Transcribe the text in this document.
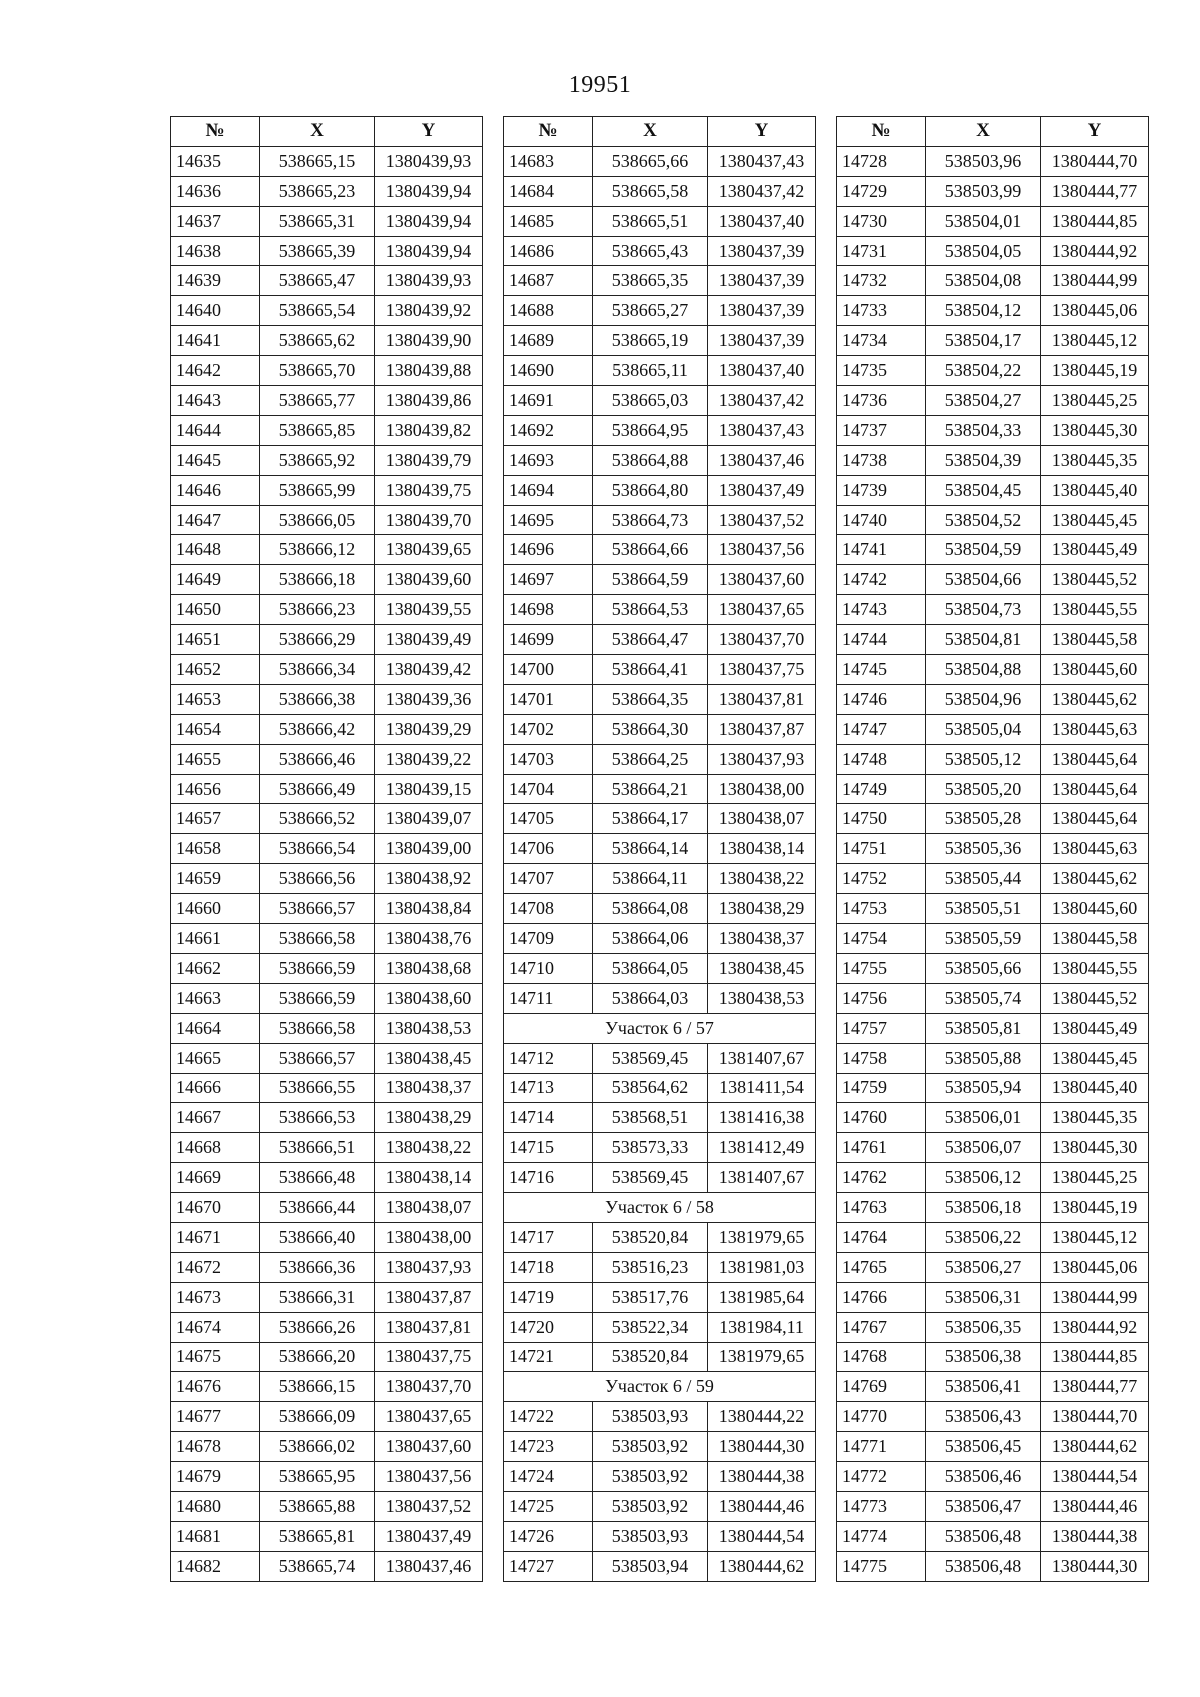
19951
№	X	Y
14635	538665,15	1380439,93
14636	538665,23	1380439,94
14637	538665,31	1380439,94
14638	538665,39	1380439,94
14639	538665,47	1380439,93
14640	538665,54	1380439,92
14641	538665,62	1380439,90
14642	538665,70	1380439,88
14643	538665,77	1380439,86
14644	538665,85	1380439,82
14645	538665,92	1380439,79
14646	538665,99	1380439,75
14647	538666,05	1380439,70
14648	538666,12	1380439,65
14649	538666,18	1380439,60
14650	538666,23	1380439,55
14651	538666,29	1380439,49
14652	538666,34	1380439,42
14653	538666,38	1380439,36
14654	538666,42	1380439,29
14655	538666,46	1380439,22
14656	538666,49	1380439,15
14657	538666,52	1380439,07
14658	538666,54	1380439,00
14659	538666,56	1380438,92
14660	538666,57	1380438,84
14661	538666,58	1380438,76
14662	538666,59	1380438,68
14663	538666,59	1380438,60
14664	538666,58	1380438,53
14665	538666,57	1380438,45
14666	538666,55	1380438,37
14667	538666,53	1380438,29
14668	538666,51	1380438,22
14669	538666,48	1380438,14
14670	538666,44	1380438,07
14671	538666,40	1380438,00
14672	538666,36	1380437,93
14673	538666,31	1380437,87
14674	538666,26	1380437,81
14675	538666,20	1380437,75
14676	538666,15	1380437,70
14677	538666,09	1380437,65
14678	538666,02	1380437,60
14679	538665,95	1380437,56
14680	538665,88	1380437,52
14681	538665,81	1380437,49
14682	538665,74	1380437,46
№	X	Y
14683	538665,66	1380437,43
14684	538665,58	1380437,42
14685	538665,51	1380437,40
14686	538665,43	1380437,39
14687	538665,35	1380437,39
14688	538665,27	1380437,39
14689	538665,19	1380437,39
14690	538665,11	1380437,40
14691	538665,03	1380437,42
14692	538664,95	1380437,43
14693	538664,88	1380437,46
14694	538664,80	1380437,49
14695	538664,73	1380437,52
14696	538664,66	1380437,56
14697	538664,59	1380437,60
14698	538664,53	1380437,65
14699	538664,47	1380437,70
14700	538664,41	1380437,75
14701	538664,35	1380437,81
14702	538664,30	1380437,87
14703	538664,25	1380437,93
14704	538664,21	1380438,00
14705	538664,17	1380438,07
14706	538664,14	1380438,14
14707	538664,11	1380438,22
14708	538664,08	1380438,29
14709	538664,06	1380438,37
14710	538664,05	1380438,45
14711	538664,03	1380438,53
Участок 6 / 57		
14712	538569,45	1381407,67
14713	538564,62	1381411,54
14714	538568,51	1381416,38
14715	538573,33	1381412,49
14716	538569,45	1381407,67
Участок 6 / 58		
14717	538520,84	1381979,65
14718	538516,23	1381981,03
14719	538517,76	1381985,64
14720	538522,34	1381984,11
14721	538520,84	1381979,65
Участок 6 / 59		
14722	538503,93	1380444,22
14723	538503,92	1380444,30
14724	538503,92	1380444,38
14725	538503,92	1380444,46
14726	538503,93	1380444,54
14727	538503,94	1380444,62
№	X	Y
14728	538503,96	1380444,70
14729	538503,99	1380444,77
14730	538504,01	1380444,85
14731	538504,05	1380444,92
14732	538504,08	1380444,99
14733	538504,12	1380445,06
14734	538504,17	1380445,12
14735	538504,22	1380445,19
14736	538504,27	1380445,25
14737	538504,33	1380445,30
14738	538504,39	1380445,35
14739	538504,45	1380445,40
14740	538504,52	1380445,45
14741	538504,59	1380445,49
14742	538504,66	1380445,52
14743	538504,73	1380445,55
14744	538504,81	1380445,58
14745	538504,88	1380445,60
14746	538504,96	1380445,62
14747	538505,04	1380445,63
14748	538505,12	1380445,64
14749	538505,20	1380445,64
14750	538505,28	1380445,64
14751	538505,36	1380445,63
14752	538505,44	1380445,62
14753	538505,51	1380445,60
14754	538505,59	1380445,58
14755	538505,66	1380445,55
14756	538505,74	1380445,52
14757	538505,81	1380445,49
14758	538505,88	1380445,45
14759	538505,94	1380445,40
14760	538506,01	1380445,35
14761	538506,07	1380445,30
14762	538506,12	1380445,25
14763	538506,18	1380445,19
14764	538506,22	1380445,12
14765	538506,27	1380445,06
14766	538506,31	1380444,99
14767	538506,35	1380444,92
14768	538506,38	1380444,85
14769	538506,41	1380444,77
14770	538506,43	1380444,70
14771	538506,45	1380444,62
14772	538506,46	1380444,54
14773	538506,47	1380444,46
14774	538506,48	1380444,38
14775	538506,48	1380444,30
